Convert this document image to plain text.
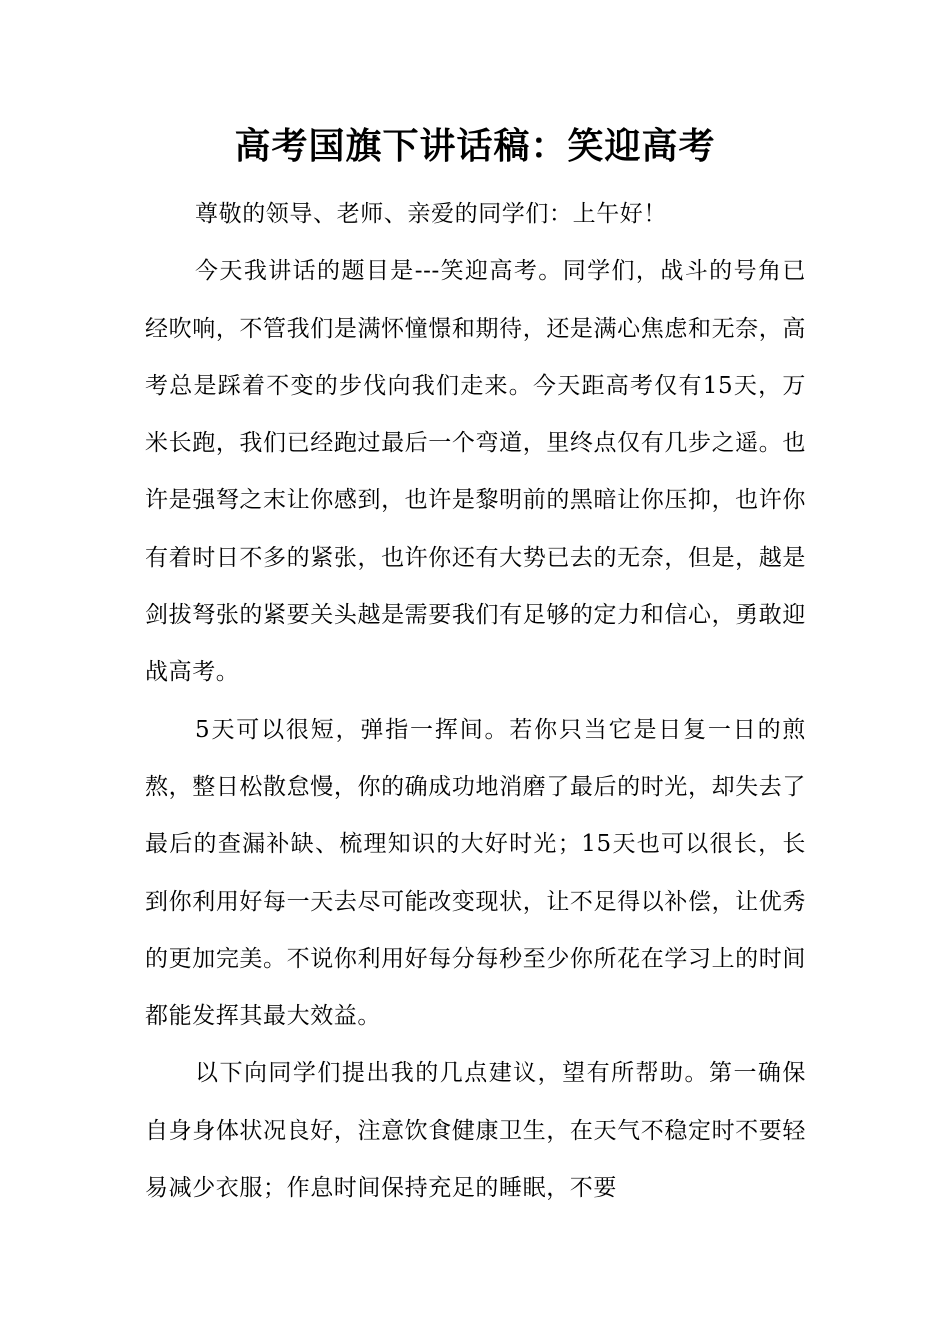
高考国旗下讲话稿：笑迎高考

尊敬的领导、老师、亲爱的同学们：上午好！

今天我讲话的题目是---笑迎高考。同学们，战斗的号角已经吹响，不管我们是满怀憧憬和期待，还是满心焦虑和无奈，高考总是踩着不变的步伐向我们走来。今天距高考仅有15天，万米长跑，我们已经跑过最后一个弯道，里终点仅有几步之遥。也许是强弩之末让你感到，也许是黎明前的黑暗让你压抑，也许你有着时日不多的紧张，也许你还有大势已去的无奈，但是，越是剑拔弩张的紧要关头越是需要我们有足够的定力和信心，勇敢迎战高考。

5天可以很短，弹指一挥间。若你只当它是日复一日的煎熬，整日松散怠慢，你的确成功地消磨了最后的时光，却失去了最后的查漏补缺、梳理知识的大好时光；15天也可以很长，长到你利用好每一天去尽可能改变现状，让不足得以补偿，让优秀的更加完美。不说你利用好每分每秒至少你所花在学习上的时间都能发挥其最大效益。

以下向同学们提出我的几点建议，望有所帮助。第一确保自身身体状况良好，注意饮食健康卫生，在天气不稳定时不要轻易减少衣服；作息时间保持充足的睡眠，不要
